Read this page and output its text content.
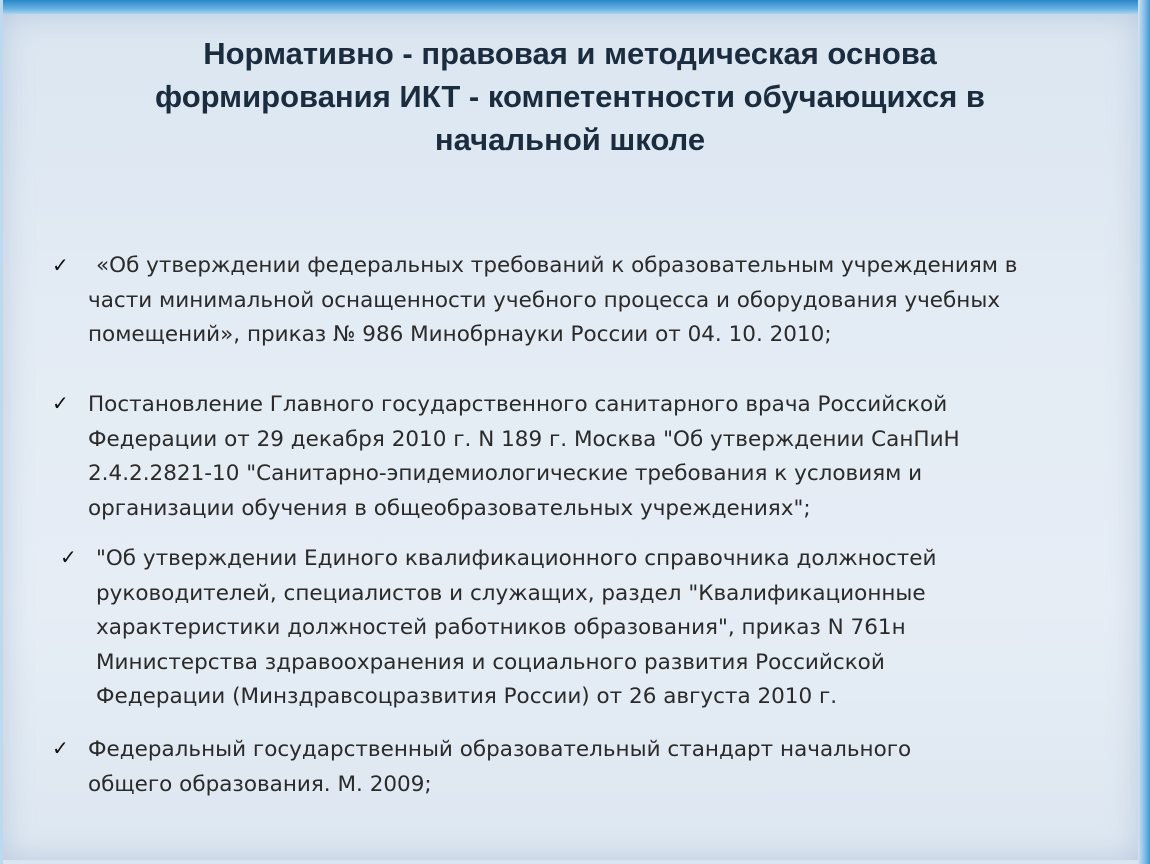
Нормативно - правовая и методическая основа
формирования ИКТ - компетентности обучающихся в
начальной школе
✓	«Об утверждении федеральных требований к образовательным учреждениям в
части минимальной оснащенности учебного процесса и оборудования учебных
помещений», приказ № 986 Минобрнауки России от 04. 10. 2010;
✓ Постановление Главного государственного санитарного врача Российской
Федерации от 29 декабря 2010 г. N 189 г. Москва "Об утверждении СанПиН
2.4.2.2821-10 "Санитарно-эпидемиологические требования к условиям и
организации обучения в общеобразовательных учреждениях";
✓ "Об утверждении Единого квалификационного справочника должностей
руководителей, специалистов и служащих, раздел "Квалификационные
характеристики должностей работников образования", приказ N 761н
Министерства здравоохранения и социального развития Российской
Федерации (Минздравсоцразвития России) от 26 августа 2010 г.
✓ Федеральный государственный образовательный стандарт начального
общего образования. М. 2009;
